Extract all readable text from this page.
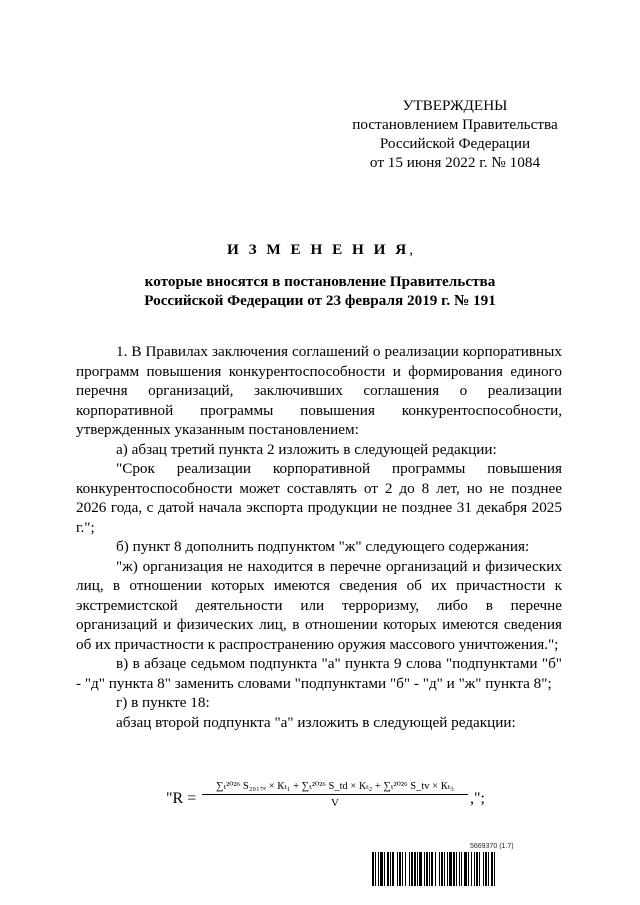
УТВЕРЖДЕНЫ
постановлением Правительства
Российской Федерации
от 15 июня 2022 г. № 1084
И З М Е Н Е Н И Я,
которые вносятся в постановление Правительства
Российской Федерации от 23 февраля 2019 г. № 191

1. В Правилах заключения соглашений о реализации корпоративных программ повышения конкурентоспособности и формирования единого перечня организаций, заключивших соглашения о реализации корпоративной программы повышения конкурентоспособности, утвержденных указанным постановлением:

а) абзац третий пункта 2 изложить в следующей редакции:

"Срок реализации корпоративной программы повышения конкурентоспособности может составлять от 2 до 8 лет, но не позднее 2026 года, с датой начала экспорта продукции не позднее 31 декабря 2025 г.";

б) пункт 8 дополнить подпунктом "ж" следующего содержания:

"ж) организация не находится в перечне организаций и физических лиц, в отношении которых имеются сведения об их причастности к экстремистской деятельности или терроризму, либо в перечне организаций и физических лиц, в отношении которых имеются сведения об их причастности к распространению оружия массового уничтожения.";

в) в абзаце седьмом подпункта "а" пункта 9 слова "подпунктами "б" - "д" пункта 8" заменить словами "подпунктами "б" - "д" и "ж" пункта 8";

г) в пункте 18:

абзац второй подпункта "а" изложить в следующей редакции:

"R =
∑ₜ²⁰²⁶ S₂₀₁₇ₑ × Кₜ₁ + ∑ₜ²⁰²⁶ S_td × Кₜ₂ + ∑ₜ²⁰²⁶ S_tv × Кₜ₃
V	,";
5669370 (1.7)
